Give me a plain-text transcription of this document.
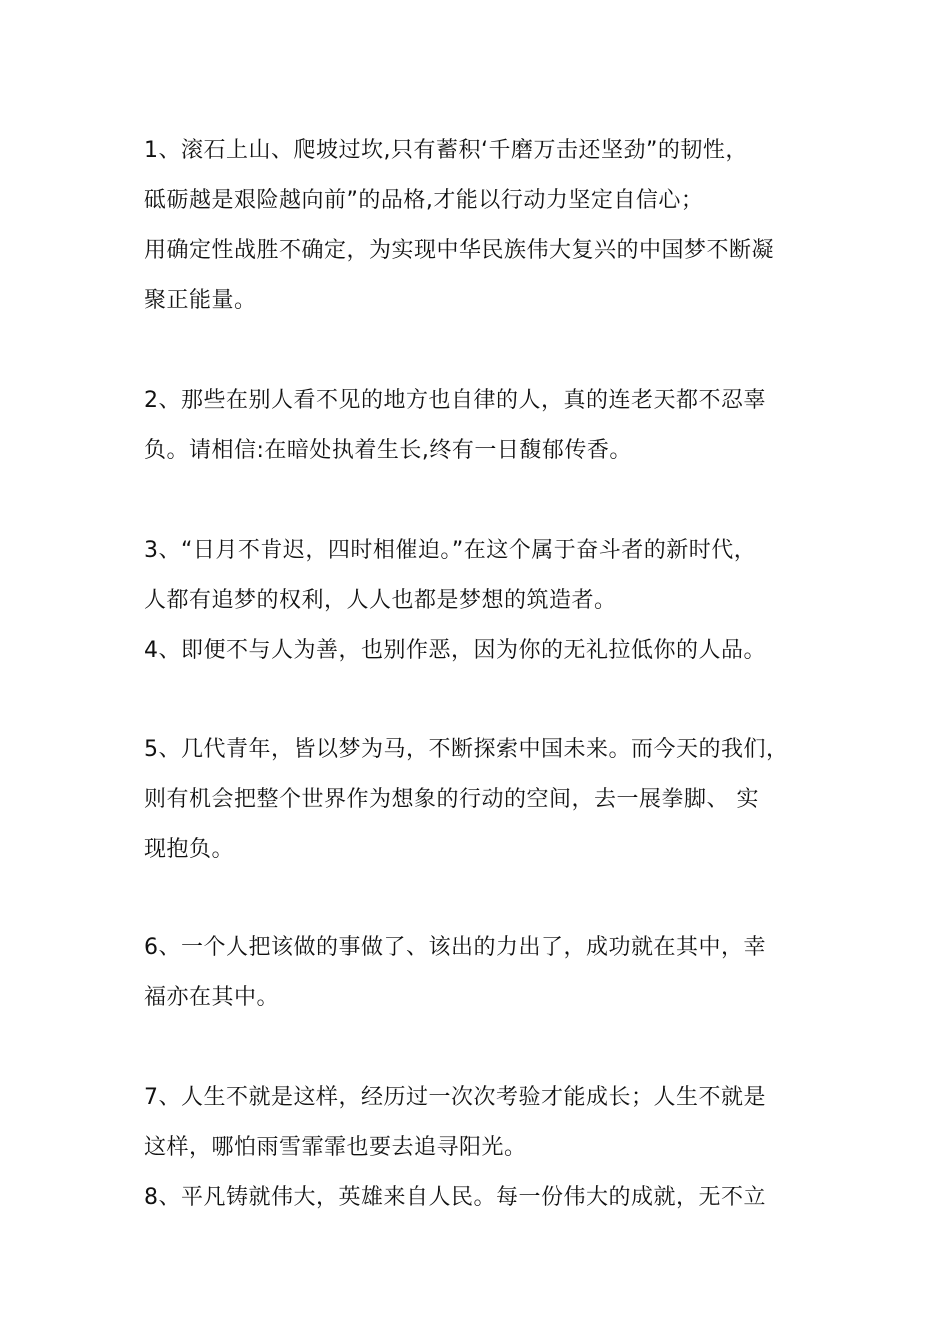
1、滚石上山、爬坡过坎,只有蓄积‘千磨万击还坚劲”的韧性，
砥砺越是艰险越向前”的品格,才能以行动力坚定自信心；
用确定性战胜不确定，为实现中华民族伟大复兴的中国梦不断凝
聚正能量。
2、那些在别人看不见的地方也自律的人，真的连老天都不忍辜
负。请相信:在暗处执着生长,终有一日馥郁传香。
3、“日月不肯迟，四时相催迫。”在这个属于奋斗者的新时代，
人都有追梦的权利，人人也都是梦想的筑造者。
4、即便不与人为善，也别作恶，因为你的无礼拉低你的人品。
5、几代青年，皆以梦为马，不断探索中国未来。而今天的我们，
则有机会把整个世界作为想象的行动的空间，去一展拳脚、 实
现抱负。
6、一个人把该做的事做了、该出的力出了，成功就在其中，幸
福亦在其中。
7、人生不就是这样，经历过一次次考验才能成长；人生不就是
这样，哪怕雨雪霏霏也要去追寻阳光。
8、平凡铸就伟大，英雄来自人民。每一份伟大的成就，无不立
